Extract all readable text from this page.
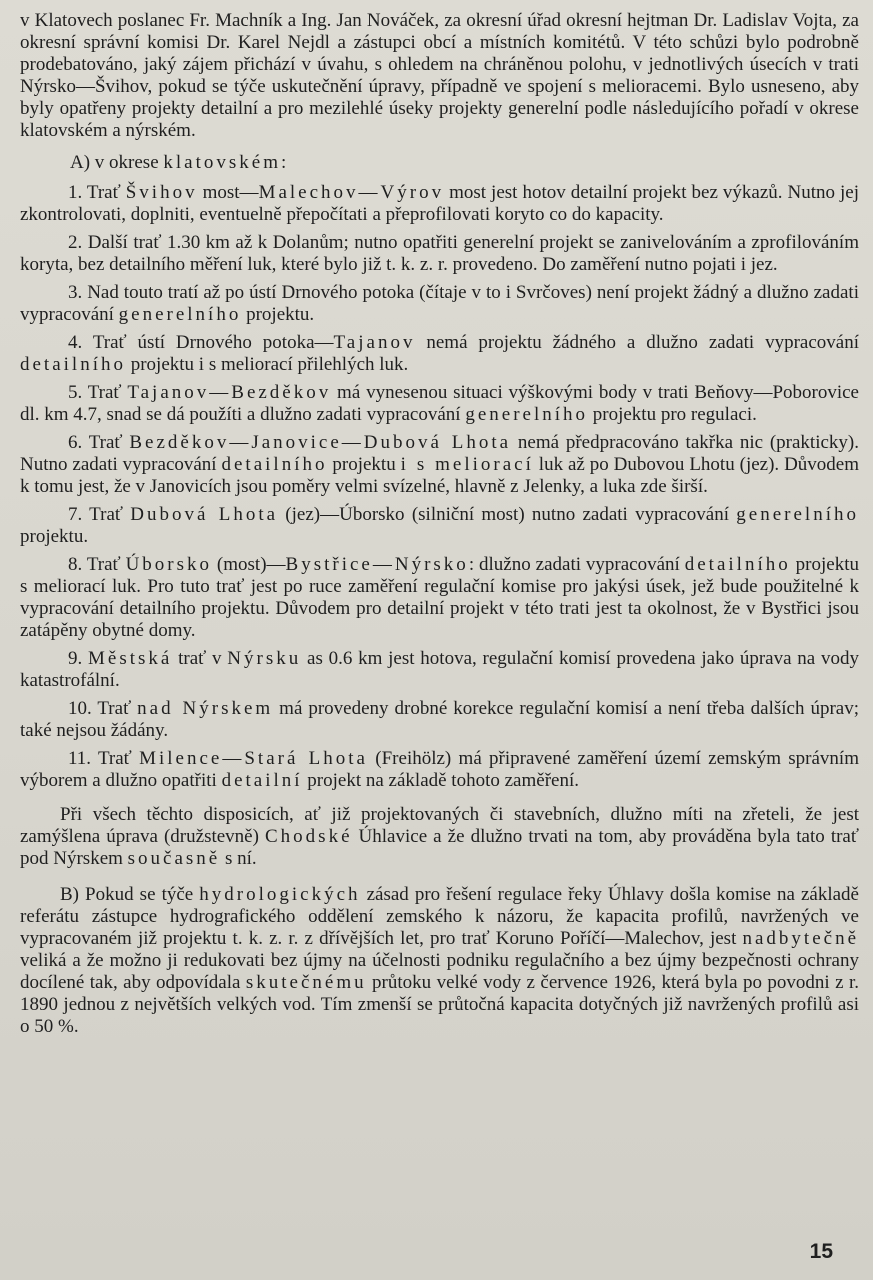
v Klatovech poslanec Fr. Machník a Ing. Jan Nováček, za okresní úřad okresní hejtman Dr. Ladislav Vojta, za okresní správní komisi Dr. Karel Nejdl a zástupci obcí a místních komitétů. V této schůzi bylo podrobně prodebatováno, jaký zájem přichází v úvahu, s ohledem na chráněnou polohu, v jednotlivých úsecích v trati Nýrsko—Švihov, pokud se týče uskutečnění úpravy, případně ve spojení s melioracemi. Bylo usneseno, aby byly opatřeny projekty detailní a pro mezilehlé úseky projekty generelní podle následujícího pořadí v okrese klatovském a nýrském.

A) v okrese klatovském:

1. Trať Švihov most—Malechov—Výrov most jest hotov detailní projekt bez výkazů. Nutno jej zkontrolovati, doplniti, eventuelně přepočítati a přeprofilovati koryto co do kapacity.

2. Další trať 1.30 km až k Dolanům; nutno opatřiti generelní projekt se zanivelováním a zprofilováním koryta, bez detailního měření luk, které bylo již t. k. z. r. provedeno. Do zaměření nutno pojati i jez.

3. Nad touto tratí až po ústí Drnového potoka (čítaje v to i Svrčoves) není projekt žádný a dlužno zadati vypracování generelního projektu.

4. Trať ústí Drnového potoka—Tajanov nemá projektu žádného a dlužno zadati vypracování detailního projektu i s meliorací přilehlých luk.

5. Trať Tajanov—Bezděkov má vynesenou situaci výškovými body v trati Beňovy—Poborovice dl. km 4.7, snad se dá použíti a dlužno zadati vypracování generelního projektu pro regulaci.

6. Trať Bezděkov—Janovice—Dubová Lhota nemá předpracováno takřka nic (prakticky). Nutno zadati vypracování detailního projektu i s meliorací luk až po Dubovou Lhotu (jez). Důvodem k tomu jest, že v Janovicích jsou poměry velmi svízelné, hlavně z Jelenky, a luka zde širší.

7. Trať Dubová Lhota (jez)—Úborsko (silniční most) nutno zadati vypracování generelního projektu.

8. Trať Úborsko (most)—Bystřice—Nýrsko: dlužno zadati vypracování detailního projektu s meliorací luk. Pro tuto trať jest po ruce zaměření regulační komise pro jakýsi úsek, jež bude použitelné k vypracování detailního projektu. Důvodem pro detailní projekt v této trati jest ta okolnost, že v Bystřici jsou zatápěny obytné domy.

9. Městská trať v Nýrsku as 0.6 km jest hotova, regulační komisí provedena jako úprava na vody katastrofální.

10. Trať nad Nýrskem má provedeny drobné korekce regulační komisí a není třeba dalších úprav; také nejsou žádány.

11. Trať Milence—Stará Lhota (Freihölz) má připravené zaměření území zemským správním výborem a dlužno opatřiti detailní projekt na základě tohoto zaměření.

Při všech těchto disposicích, ať již projektovaných či stavebních, dlužno míti na zřeteli, že jest zamýšlena úprava (družstevně) Chodské Úhlavice a že dlužno trvati na tom, aby prováděna byla tato trať pod Nýrskem současně s ní.

B) Pokud se týče hydrologických zásad pro řešení regulace řeky Úhlavy došla komise na základě referátu zástupce hydrografického oddělení zemského k názoru, že kapacita profilů, navržených ve vypracovaném již projektu t. k. z. r. z dřívějších let, pro trať Koruno Poříčí—Malechov, jest nadbytečně veliká a že možno ji redukovati bez újmy na účelnosti podniku regulačního a bez újmy bezpečnosti ochrany docílené tak, aby odpovídala skutečnému průtoku velké vody z července 1926, která byla po povodni z r. 1890 jednou z největších velkých vod. Tím zmenší se průtočná kapacita dotyčných již navržených profilů asi o 50 %.

15
